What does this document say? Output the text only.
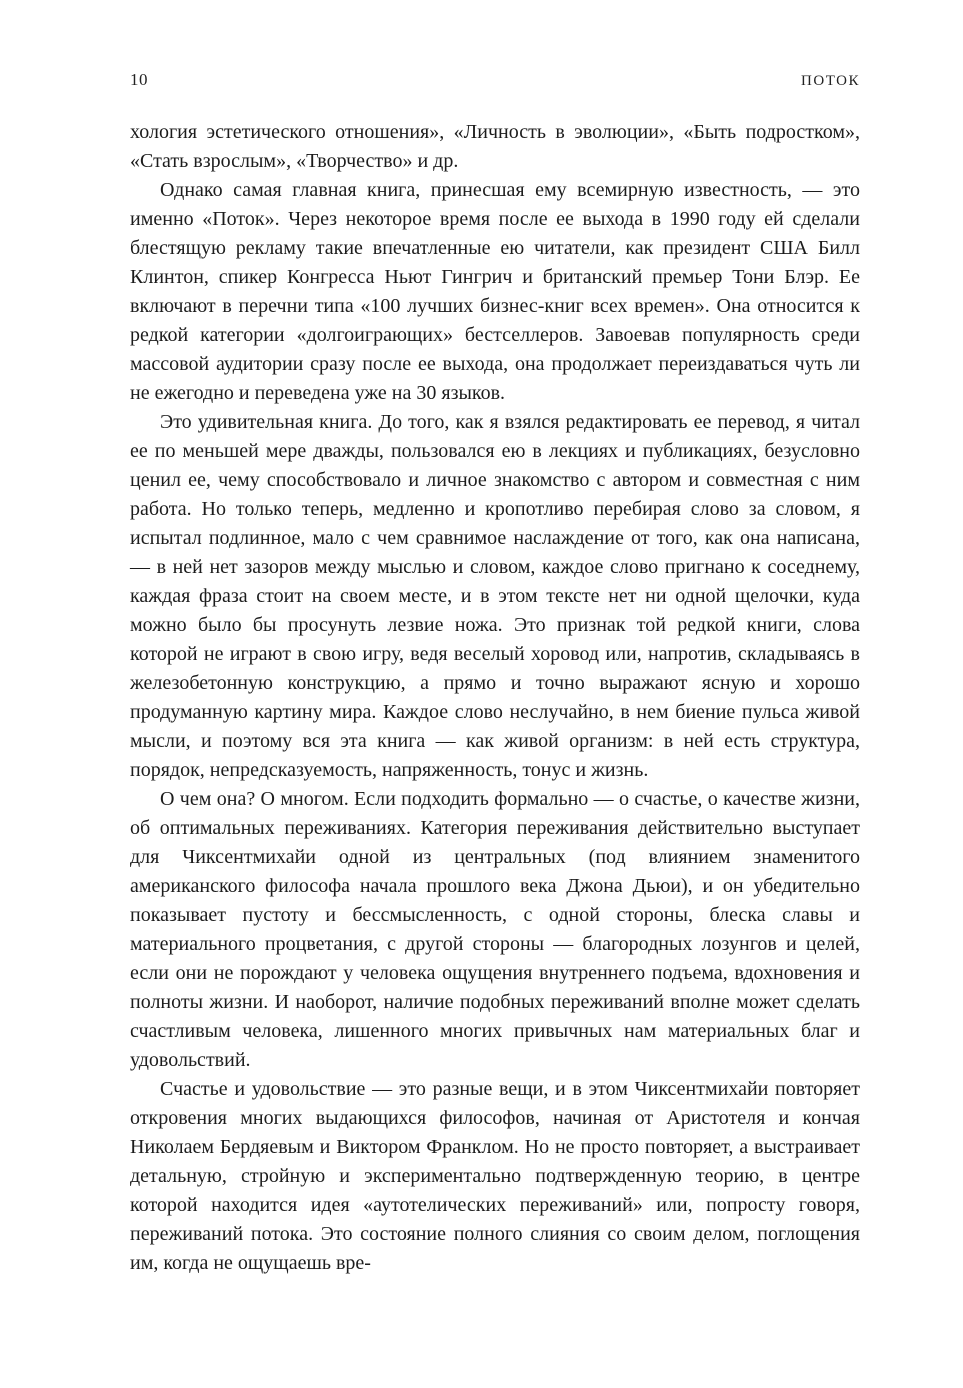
10	ПОТОК

хология эстетического отношения», «Личность в эволюции», «Быть подростком», «Стать взрослым», «Творчество» и др.

Однако самая главная книга, принесшая ему всемирную известность, — это именно «Поток». Через некоторое время после ее выхода в 1990 году ей сделали блестящую рекламу такие впечатленные ею читатели, как президент США Билл Клинтон, спикер Конгресса Ньют Гингрич и британский премьер Тони Блэр. Ее включают в перечни типа «100 лучших бизнес-книг всех времен». Она относится к редкой категории «долгоиграющих» бестселлеров. Завоевав популярность среди массовой аудитории сразу после ее выхода, она продолжает переиздаваться чуть ли не ежегодно и переведена уже на 30 языков.

Это удивительная книга. До того, как я взялся редактировать ее перевод, я читал ее по меньшей мере дважды, пользовался ею в лекциях и публикациях, безусловно ценил ее, чему способствовало и личное знакомство с автором и совместная с ним работа. Но только теперь, медленно и кропотливо перебирая слово за словом, я испытал подлинное, мало с чем сравнимое наслаждение от того, как она написана, — в ней нет зазоров между мыслью и словом, каждое слово пригнано к соседнему, каждая фраза стоит на своем месте, и в этом тексте нет ни одной щелочки, куда можно было бы просунуть лезвие ножа. Это признак той редкой книги, слова которой не играют в свою игру, ведя веселый хоровод или, напротив, складываясь в железобетонную конструкцию, а прямо и точно выражают ясную и хорошо продуманную картину мира. Каждое слово неслучайно, в нем биение пульса живой мысли, и поэтому вся эта книга — как живой организм: в ней есть структура, порядок, непредсказуемость, напряженность, тонус и жизнь.

О чем она? О многом. Если подходить формально — о счастье, о качестве жизни, об оптимальных переживаниях. Категория переживания действительно выступает для Чиксентмихайи одной из центральных (под влиянием знаменитого американского философа начала прошлого века Джона Дьюи), и он убедительно показывает пустоту и бессмысленность, с одной стороны, блеска славы и материального процветания, с другой стороны — благородных лозунгов и целей, если они не порождают у человека ощущения внутреннего подъема, вдохновения и полноты жизни. И наоборот, наличие подобных переживаний вполне может сделать счастливым человека, лишенного многих привычных нам материальных благ и удовольствий.

Счастье и удовольствие — это разные вещи, и в этом Чиксентмихайи повторяет откровения многих выдающихся философов, начиная от Аристотеля и кончая Николаем Бердяевым и Виктором Франклом. Но не просто повторяет, а выстраивает детальную, стройную и экспериментально подтвержденную теорию, в центре которой находится идея «аутотелических переживаний» или, попросту говоря, переживаний потока. Это состояние полного слияния со своим делом, поглощения им, когда не ощущаешь вре-
